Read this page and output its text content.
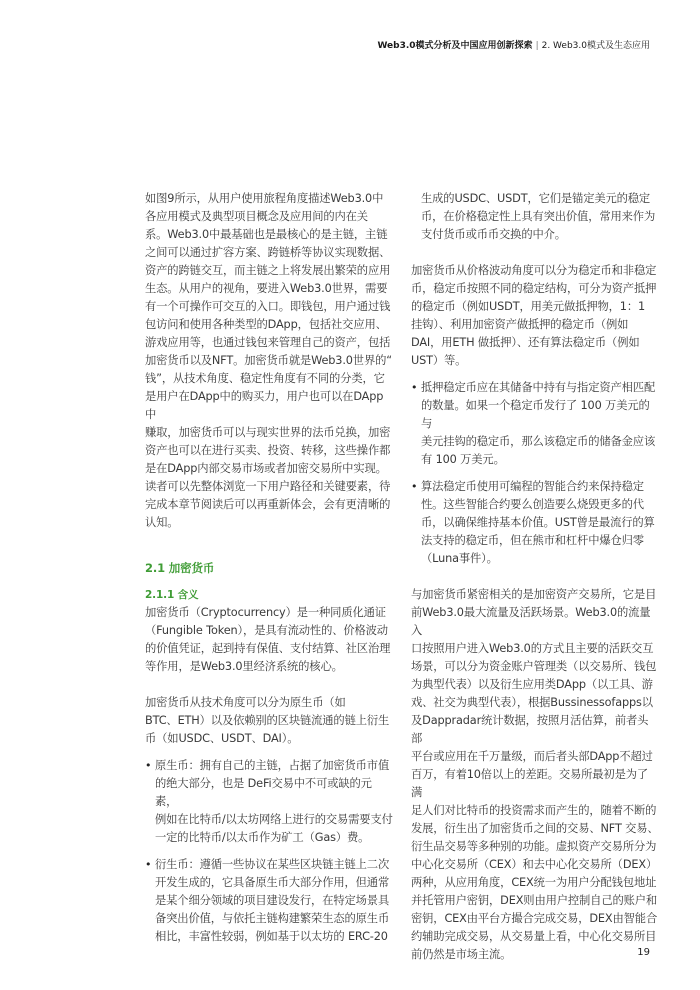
Web3.0模式分析及中国应用创新探索 | 2. Web3.0模式及生态应用

如图9所示，从用户使用旅程角度描述Web3.0中

各应用模式及典型项目概念及应用间的内在关

系。Web3.0中最基础也是最核心的是主链，主链

之间可以通过扩容方案、跨链桥等协议实现数据、

资产的跨链交互，而主链之上将发展出繁荣的应用

生态。从用户的视角，要进入Web3.0世界，需要

有一个可操作可交互的入口。即钱包，用户通过钱

包访问和使用各种类型的DApp，包括社交应用、

游戏应用等，也通过钱包来管理自己的资产，包括

加密货币以及NFT。加密货币就是Web3.0世界的“

钱”，从技术角度、稳定性角度有不同的分类，它

是用户在DApp中的购买力，用户也可以在DApp中

赚取，加密货币可以与现实世界的法币兑换，加密

资产也可以在进行买卖、投资、转移，这些操作都

是在DApp内部交易市场或者加密交易所中实现。

读者可以先整体浏览一下用户路径和关键要素，待

完成本章节阅读后可以再重新体会，会有更清晰的

认知。

2.1 加密货币

2.1.1 含义

加密货币（Cryptocurrency）是一种同质化通证

（Fungible Token），是具有流动性的、价格波动

的价值凭证，起到持有保值、支付结算、社区治理

等作用，是Web3.0里经济系统的核心。

加密货币从技术角度可以分为原生币（如

BTC、ETH）以及依赖别的区块链流通的链上衍生

币（如USDC、USDT、DAI）。

• 原生币：拥有自己的主链，占据了加密货币市值

的绝大部分，也是 DeFi交易中不可或缺的元素，

例如在比特币/以太坊网络上进行的交易需要支付

一定的比特币/以太币作为矿工（Gas）费。

• 衍生币：遵循一些协议在某些区块链主链上二次

开发生成的，它具备原生币大部分作用，但通常

是某个细分领域的项目建设发行，在特定场景具

备突出价值，与依托主链构建繁荣生态的原生币

相比，丰富性较弱，例如基于以太坊的 ERC-20

生成的USDC、USDT，它们是锚定美元的稳定

币，在价格稳定性上具有突出价值，常用来作为

支付货币或币币交换的中介。

加密货币从价格波动角度可以分为稳定币和非稳定

币，稳定币按照不同的稳定结构，可分为资产抵押

的稳定币（例如USDT，用美元做抵押物，1：1

挂钩）、利用加密资产做抵押的稳定币（例如

DAI，用ETH 做抵押）、还有算法稳定币（例如

UST）等。

• 抵押稳定币应在其储备中持有与指定资产相匹配

的数量。如果一个稳定币发行了 100 万美元的与

美元挂钩的稳定币，那么该稳定币的储备金应该

有 100 万美元。

• 算法稳定币使用可编程的智能合约来保持稳定

性。这些智能合约要么创造要么烧毁更多的代

币，以确保维持基本价值。UST曾是最流行的算

法支持的稳定币，但在熊市和杠杆中爆仓归零

（Luna事件）。

与加密货币紧密相关的是加密资产交易所，它是目

前Web3.0最大流量及活跃场景。Web3.0的流量入

口按照用户进入Web3.0的方式且主要的活跃交互

场景，可以分为资金账户管理类（以交易所、钱包

为典型代表）以及衍生应用类DApp（以工具、游

戏、社交为典型代表），根据Bussinessofapps以

及Dappradar统计数据，按照月活估算，前者头部

平台或应用在千万量级，而后者头部DApp不超过

百万，有着10倍以上的差距。交易所最初是为了满

足人们对比特币的投资需求而产生的，随着不断的

发展，衍生出了加密货币之间的交易、NFT 交易、

衍生品交易等多种别的功能。虚拟资产交易所分为

中心化交易所（CEX）和去中心化交易所（DEX）

两种，从应用角度，CEX统一为用户分配钱包地址

并托管用户密钥，DEX则由用户控制自己的账户和

密钥，CEX由平台方撮合完成交易，DEX由智能合

约辅助完成交易，从交易量上看，中心化交易所目

前仍然是市场主流。	19
